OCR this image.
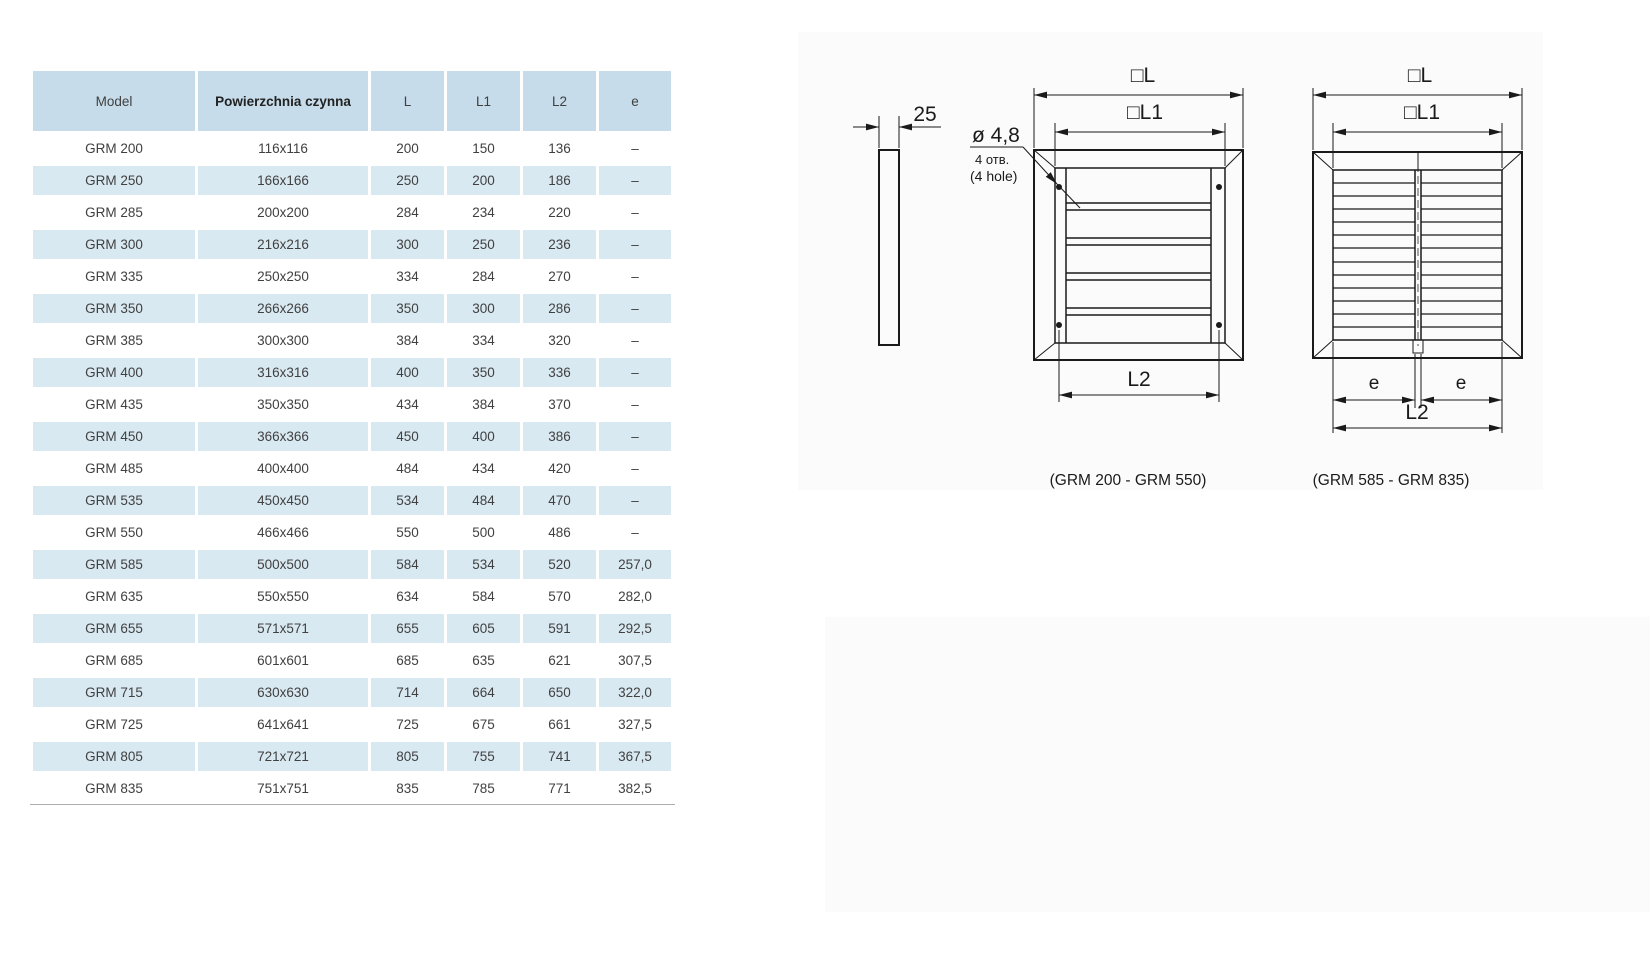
Model	Powierzchnia czynna	L	L1	L2	e
GRM 200	116x116	200	150	136	–
GRM 250	166x166	250	200	186	–
GRM 285	200x200	284	234	220	–
GRM 300	216x216	300	250	236	–
GRM 335	250x250	334	284	270	–
GRM 350	266x266	350	300	286	–
GRM 385	300x300	384	334	320	–
GRM 400	316x316	400	350	336	–
GRM 435	350x350	434	384	370	–
GRM 450	366x366	450	400	386	–
GRM 485	400x400	484	434	420	–
GRM 535	450x450	534	484	470	–
GRM 550	466x466	550	500	486	–
GRM 585	500x500	584	534	520	257,0
GRM 635	550x550	634	584	570	282,0
GRM 655	571x571	655	605	591	292,5
GRM 685	601x601	685	635	621	307,5
GRM 715	630x630	714	664	650	322,0
GRM 725	641x641	725	675	661	327,5
GRM 805	721x721	805	755	741	367,5
GRM 835	751x751	835	785	771	382,5
25
□L
□L1
ø 4,8
4 отв.
(4 hole)
L2
(GRM 200 - GRM 550)
□L
□L1
e	e
L2
(GRM 585 - GRM 835)
